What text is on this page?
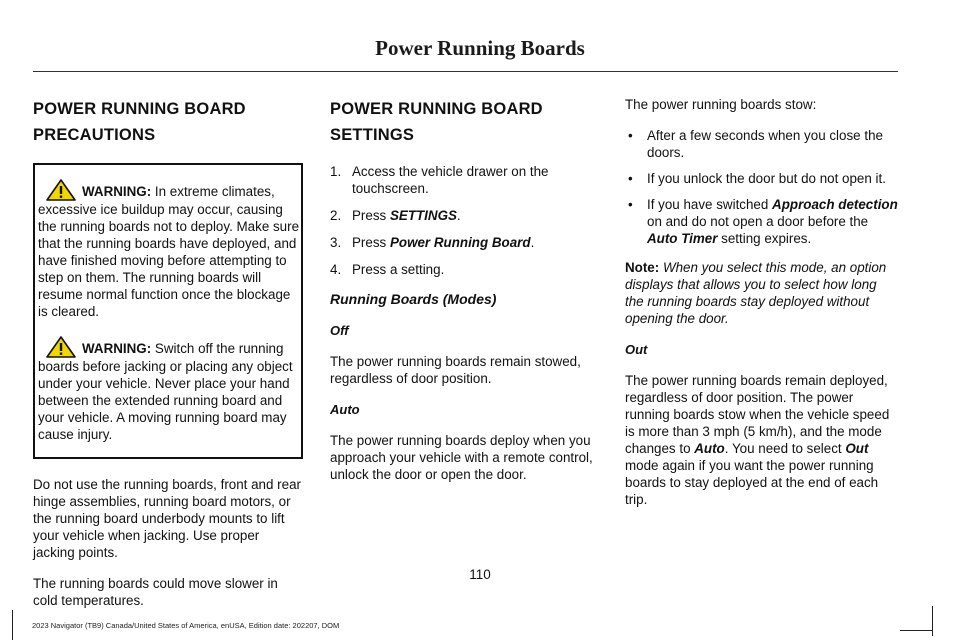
Power Running Boards
POWER RUNNING BOARD
PRECAUTIONS

WARNING: In extreme climates, excessive ice buildup may occur, causing the running boards not to deploy. Make sure that the running boards have deployed, and have finished moving before attempting to step on them. The running boards will resume normal function once the blockage is cleared.

WARNING: Switch off the running boards before jacking or placing any object under your vehicle. Never place your hand between the extended running board and your vehicle. A moving running board may cause injury.

Do not use the running boards, front and rear hinge assemblies, running board motors, or the running board underbody mounts to lift your vehicle when jacking. Use proper jacking points.

The running boards could move slower in cold temperatures.

POWER RUNNING BOARD
SETTINGS
1. Access the vehicle drawer on the touchscreen.
2. Press SETTINGS.
3. Press Power Running Board.
4. Press a setting.
Running Boards (Modes)

Off

The power running boards remain stowed, regardless of door position.

Auto

The power running boards deploy when you approach your vehicle with a remote control, unlock the door or open the door.

The power running boards stow:

• After a few seconds when you close the doors.
• If you unlock the door but do not open it.
• If you have switched Approach detection on and do not open a door before the Auto Timer setting expires.

Note: When you select this mode, an option displays that allows you to select how long the running boards stay deployed without opening the door.

Out

The power running boards remain deployed, regardless of door position. The power running boards stow when the vehicle speed is more than 3 mph (5 km/h), and the mode changes to Auto. You need to select Out mode again if you want the power running boards to stay deployed at the end of each trip.

110
2023 Navigator (TB9) Canada/United States of America, enUSA, Edition date: 202207, DOM
